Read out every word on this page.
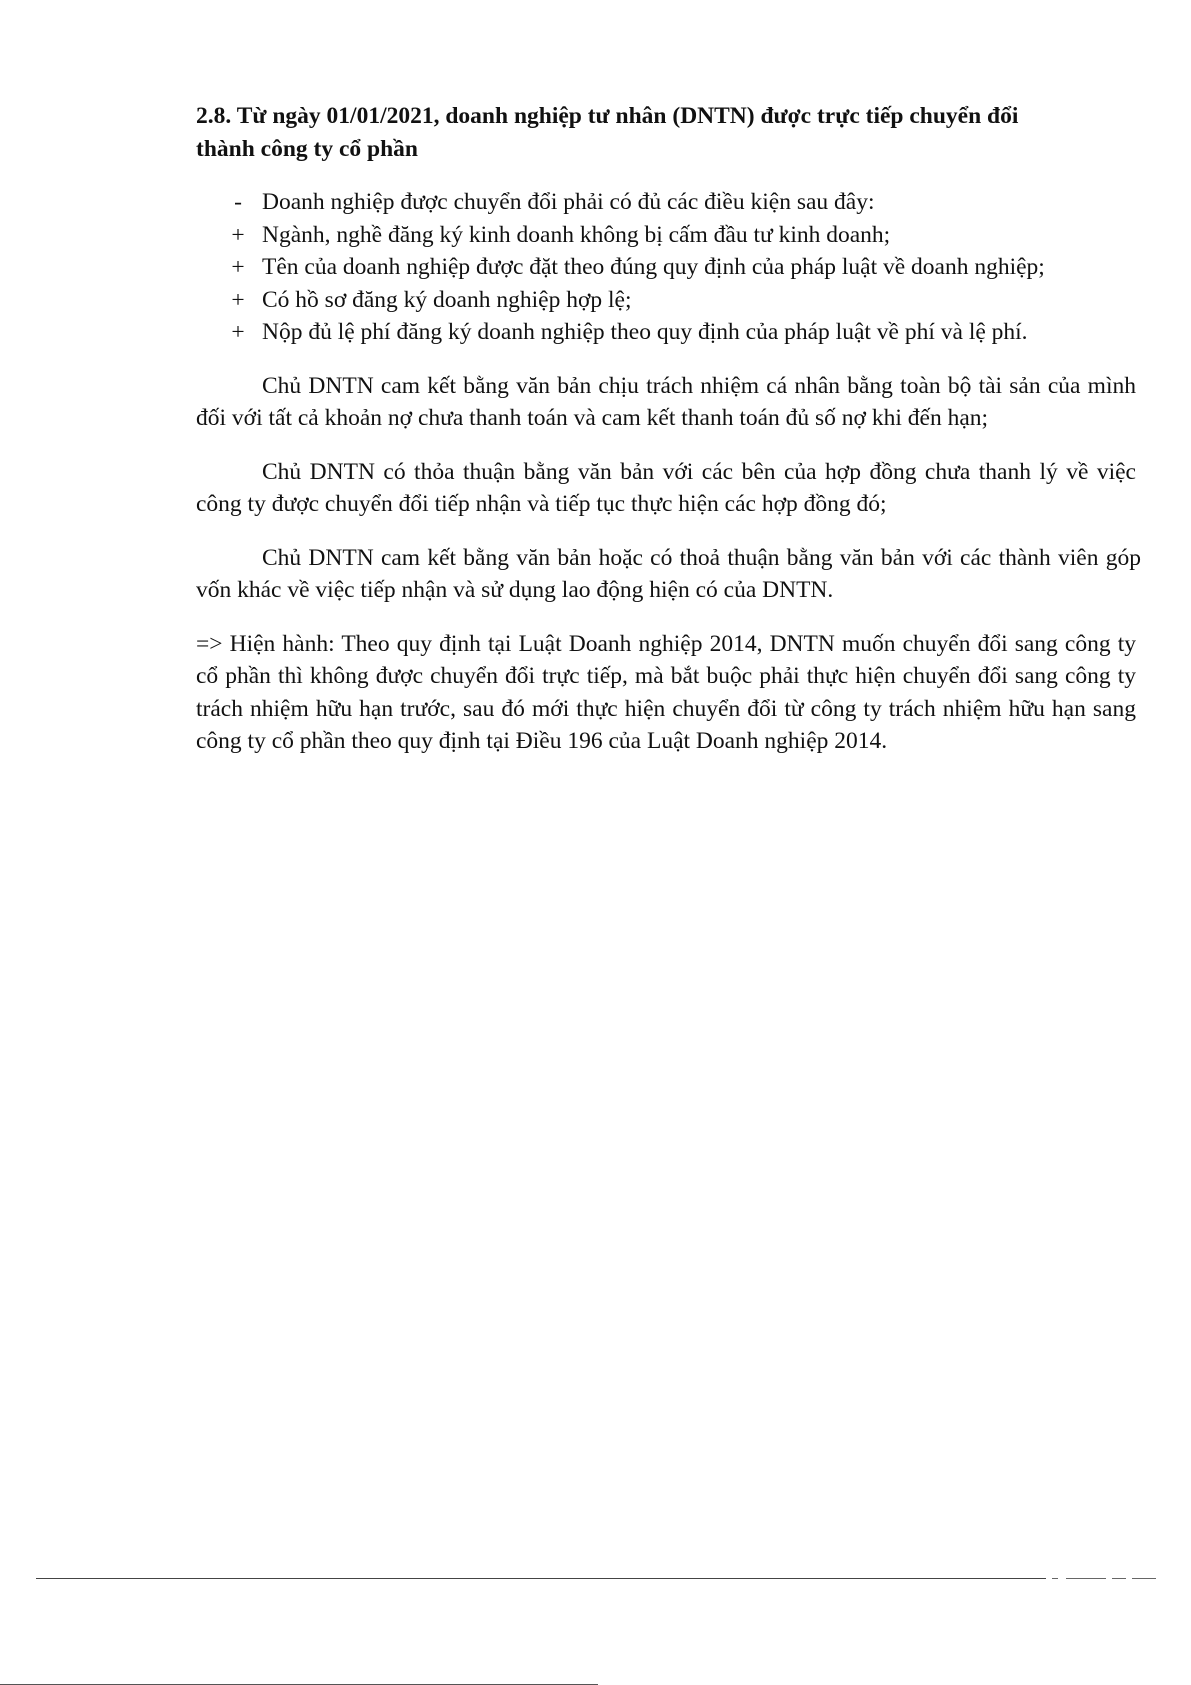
2.8. Từ ngày 01/01/2021, doanh nghiệp tư nhân (DNTN) được trực tiếp chuyển đổi thành công ty cổ phần

- Doanh nghiệp được chuyển đổi phải có đủ các điều kiện sau đây:
+ Ngành, nghề đăng ký kinh doanh không bị cấm đầu tư kinh doanh;
+ Tên của doanh nghiệp được đặt theo đúng quy định của pháp luật về doanh nghiệp;
+ Có hồ sơ đăng ký doanh nghiệp hợp lệ;
+ Nộp đủ lệ phí đăng ký doanh nghiệp theo quy định của pháp luật về phí và lệ phí.

Chủ DNTN cam kết bằng văn bản chịu trách nhiệm cá nhân bằng toàn bộ tài sản của mình đối với tất cả khoản nợ chưa thanh toán và cam kết thanh toán đủ số nợ khi đến hạn;

Chủ DNTN có thỏa thuận bằng văn bản với các bên của hợp đồng chưa thanh lý về việc công ty được chuyển đổi tiếp nhận và tiếp tục thực hiện các hợp đồng đó;

Chủ DNTN cam kết bằng văn bản hoặc có thoả thuận bằng văn bản với các thành viên góp vốn khác về việc tiếp nhận và sử dụng lao động hiện có của DNTN.

=> Hiện hành: Theo quy định tại Luật Doanh nghiệp 2014, DNTN muốn chuyển đổi sang công ty cổ phần thì không được chuyển đổi trực tiếp, mà bắt buộc phải thực hiện chuyển đổi sang công ty trách nhiệm hữu hạn trước, sau đó mới thực hiện chuyển đổi từ công ty trách nhiệm hữu hạn sang công ty cổ phần theo quy định tại Điều 196 của Luật Doanh nghiệp 2014.
